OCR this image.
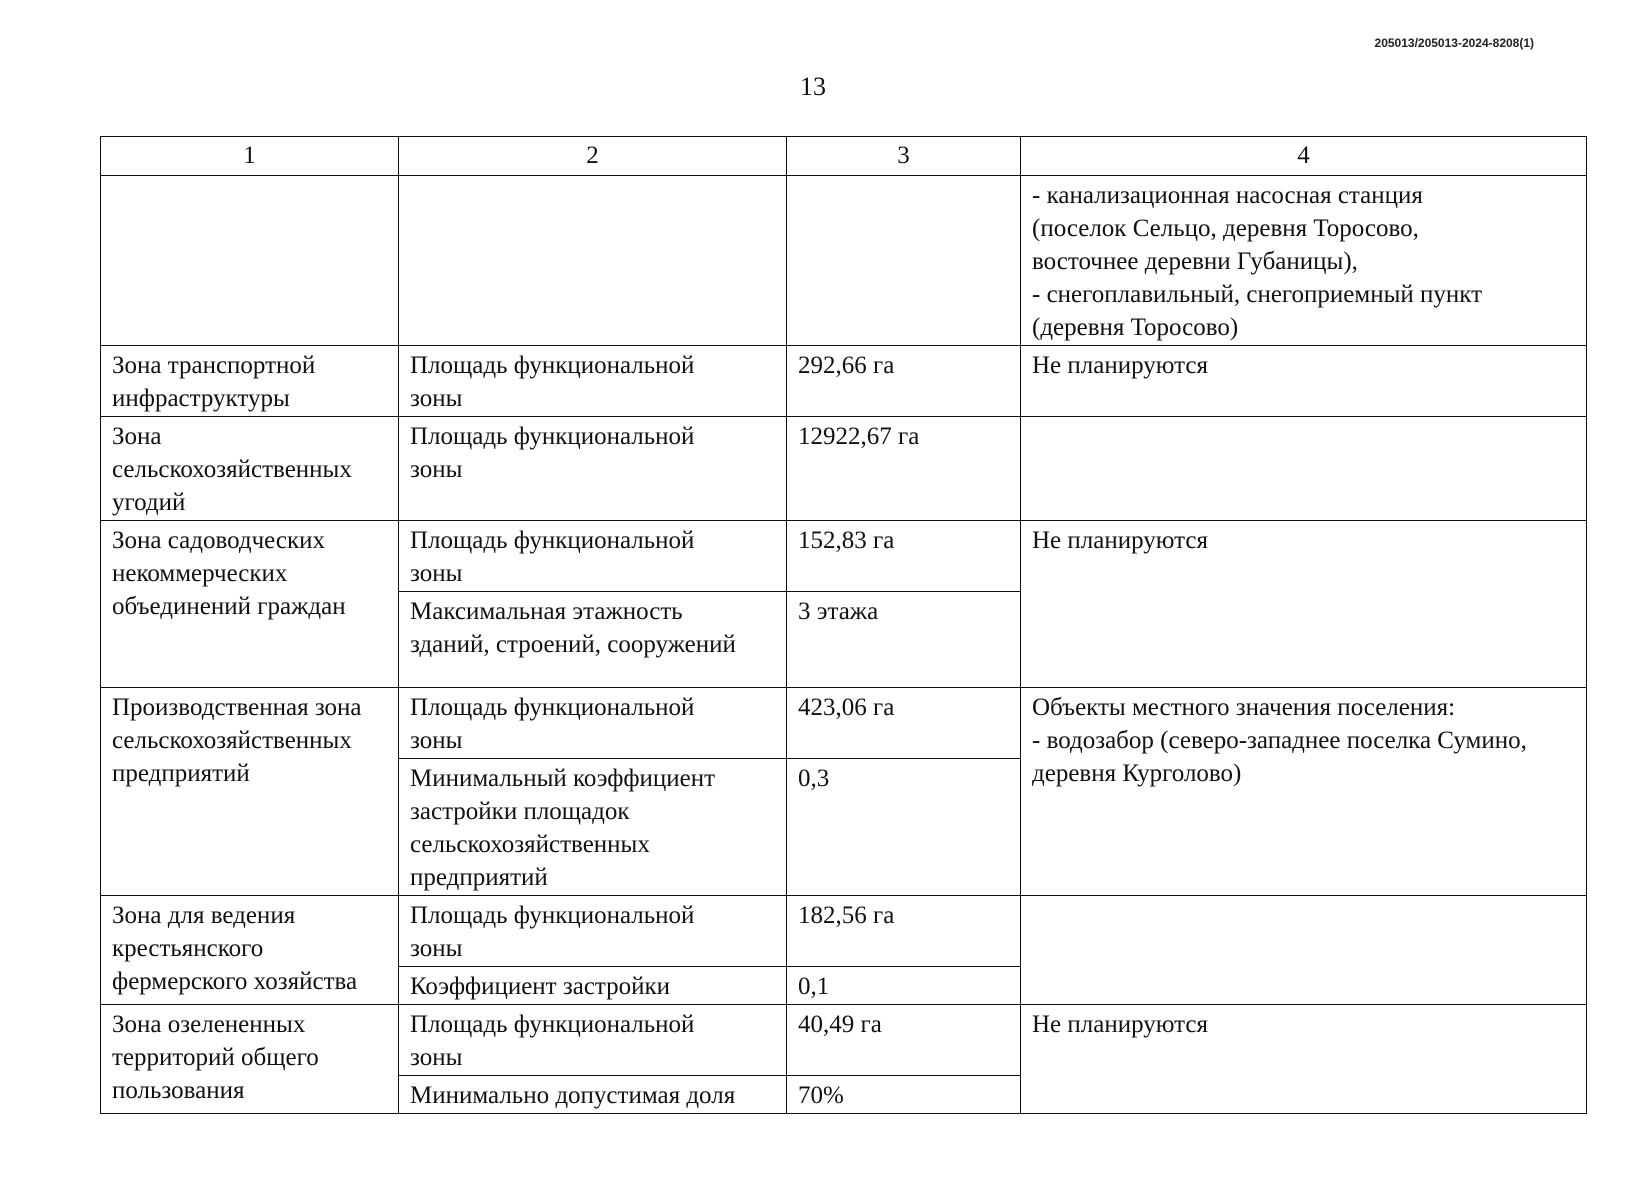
205013/205013-2024-8208(1)
13
1	2	3	4

			- канализационная насосная станция
(поселок Сельцо, деревня Торосово,
восточнее деревни Губаницы),
- снегоплавильный, снегоприемный пункт
(деревня Торосово)

Зона транспортной
инфраструктуры	Площадь функциональной
зоны	292,66 га	Не планируются

Зона
сельскохозяйственных
угодий	Площадь функциональной
зоны	12922,67 га	

Зона садоводческих
некоммерческих
объединений граждан	Площадь функциональной
зоны	152,83 га	Не планируются

	Максимальная этажность
зданий, строений, сооружений	3 этажа	

Производственная зона
сельскохозяйственных
предприятий	Площадь функциональной
зоны	423,06 га	Объекты местного значения поселения:
- водозабор (северо-западнее поселка Сумино,
деревня Курголово)

	Минимальный коэффициент
застройки площадок
сельскохозяйственных
предприятий	0,3	

Зона для ведения
крестьянского
фермерского хозяйства	Площадь функциональной
зоны	182,56 га	

	Коэффициент застройки	0,1	

Зона озелененных
территорий общего
пользования	Площадь функциональной
зоны	40,49 га	Не планируются

	Минимально допустимая доля	70%	
